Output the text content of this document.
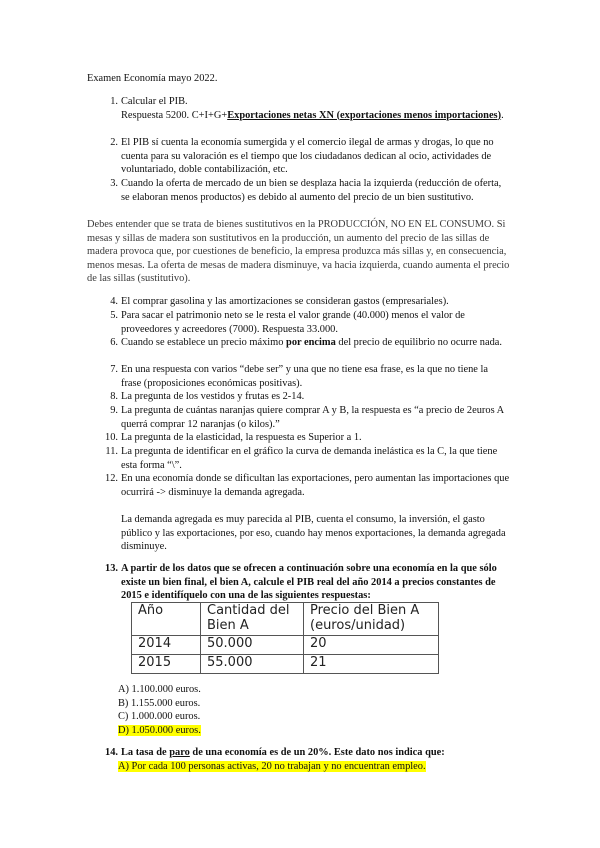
Examen Economía mayo 2022.
1. Calcular el PIB.
Respuesta 5200. C+I+G+Exportaciones netas XN (exportaciones menos importaciones).
2. El PIB sí cuenta la economía sumergida y el comercio ilegal de armas y drogas, lo que no cuenta para su valoración es el tiempo que los ciudadanos dedican al ocio, actividades de voluntariado, doble contabilización, etc.
3. Cuando la oferta de mercado de un bien se desplaza hacia la izquierda (reducción de oferta, se elaboran menos productos) es debido al aumento del precio de un bien sustitutivo.
Debes entender que se trata de bienes sustitutivos en la PRODUCCIÓN, NO EN EL CONSUMO. Si mesas y sillas de madera son sustitutivos en la producción, un aumento del precio de las sillas de madera provoca que, por cuestiones de beneficio, la empresa produzca más sillas y, en consecuencia, menos mesas. La oferta de mesas de madera disminuye, va hacia izquierda, cuando aumenta el precio de las sillas (sustitutivo).
4. El comprar gasolina y las amortizaciones se consideran gastos (empresariales).
5. Para sacar el patrimonio neto se le resta el valor grande (40.000) menos el valor de proveedores y acreedores (7000). Respuesta 33.000.
6. Cuando se establece un precio máximo por encima del precio de equilibrio no ocurre nada.
7. En una respuesta con varios “debe ser” y una que no tiene esa frase, es la que no tiene la frase (proposiciones económicas positivas).
8. La pregunta de los vestidos y frutas es 2-14.
9. La pregunta de cuántas naranjas quiere comprar A y B, la respuesta es “a precio de 2euros A querrá comprar 12 naranjas (o kilos).”
10. La pregunta de la elasticidad, la respuesta es Superior a 1.
11. La pregunta de identificar en el gráfico la curva de demanda inelástica es la C, la que tiene esta forma “\”.
12. En una economía donde se dificultan las exportaciones, pero aumentan las importaciones que ocurrirá -> disminuye la demanda agregada.
La demanda agregada es muy parecida al PIB, cuenta el consumo, la inversión, el gasto público y las exportaciones, por eso, cuando hay menos exportaciones, la demanda agregada disminuye.
13. A partir de los datos que se ofrecen a continuación sobre una economía en la que sólo existe un bien final, el bien A, calcule el PIB real del año 2014 a precios constantes de 2015 e identifíquelo con una de las siguientes respuestas:
Año	Cantidad del Bien A	Precio del Bien A (euros/unidad)
2014	50.000	20
2015	55.000	21
A) 1.100.000 euros.
B) 1.155.000 euros.
C) 1.000.000 euros.
D) 1.050.000 euros.
14. La tasa de paro de una economía es de un 20%. Este dato nos indica que:
A) Por cada 100 personas activas, 20 no trabajan y no encuentran empleo.
